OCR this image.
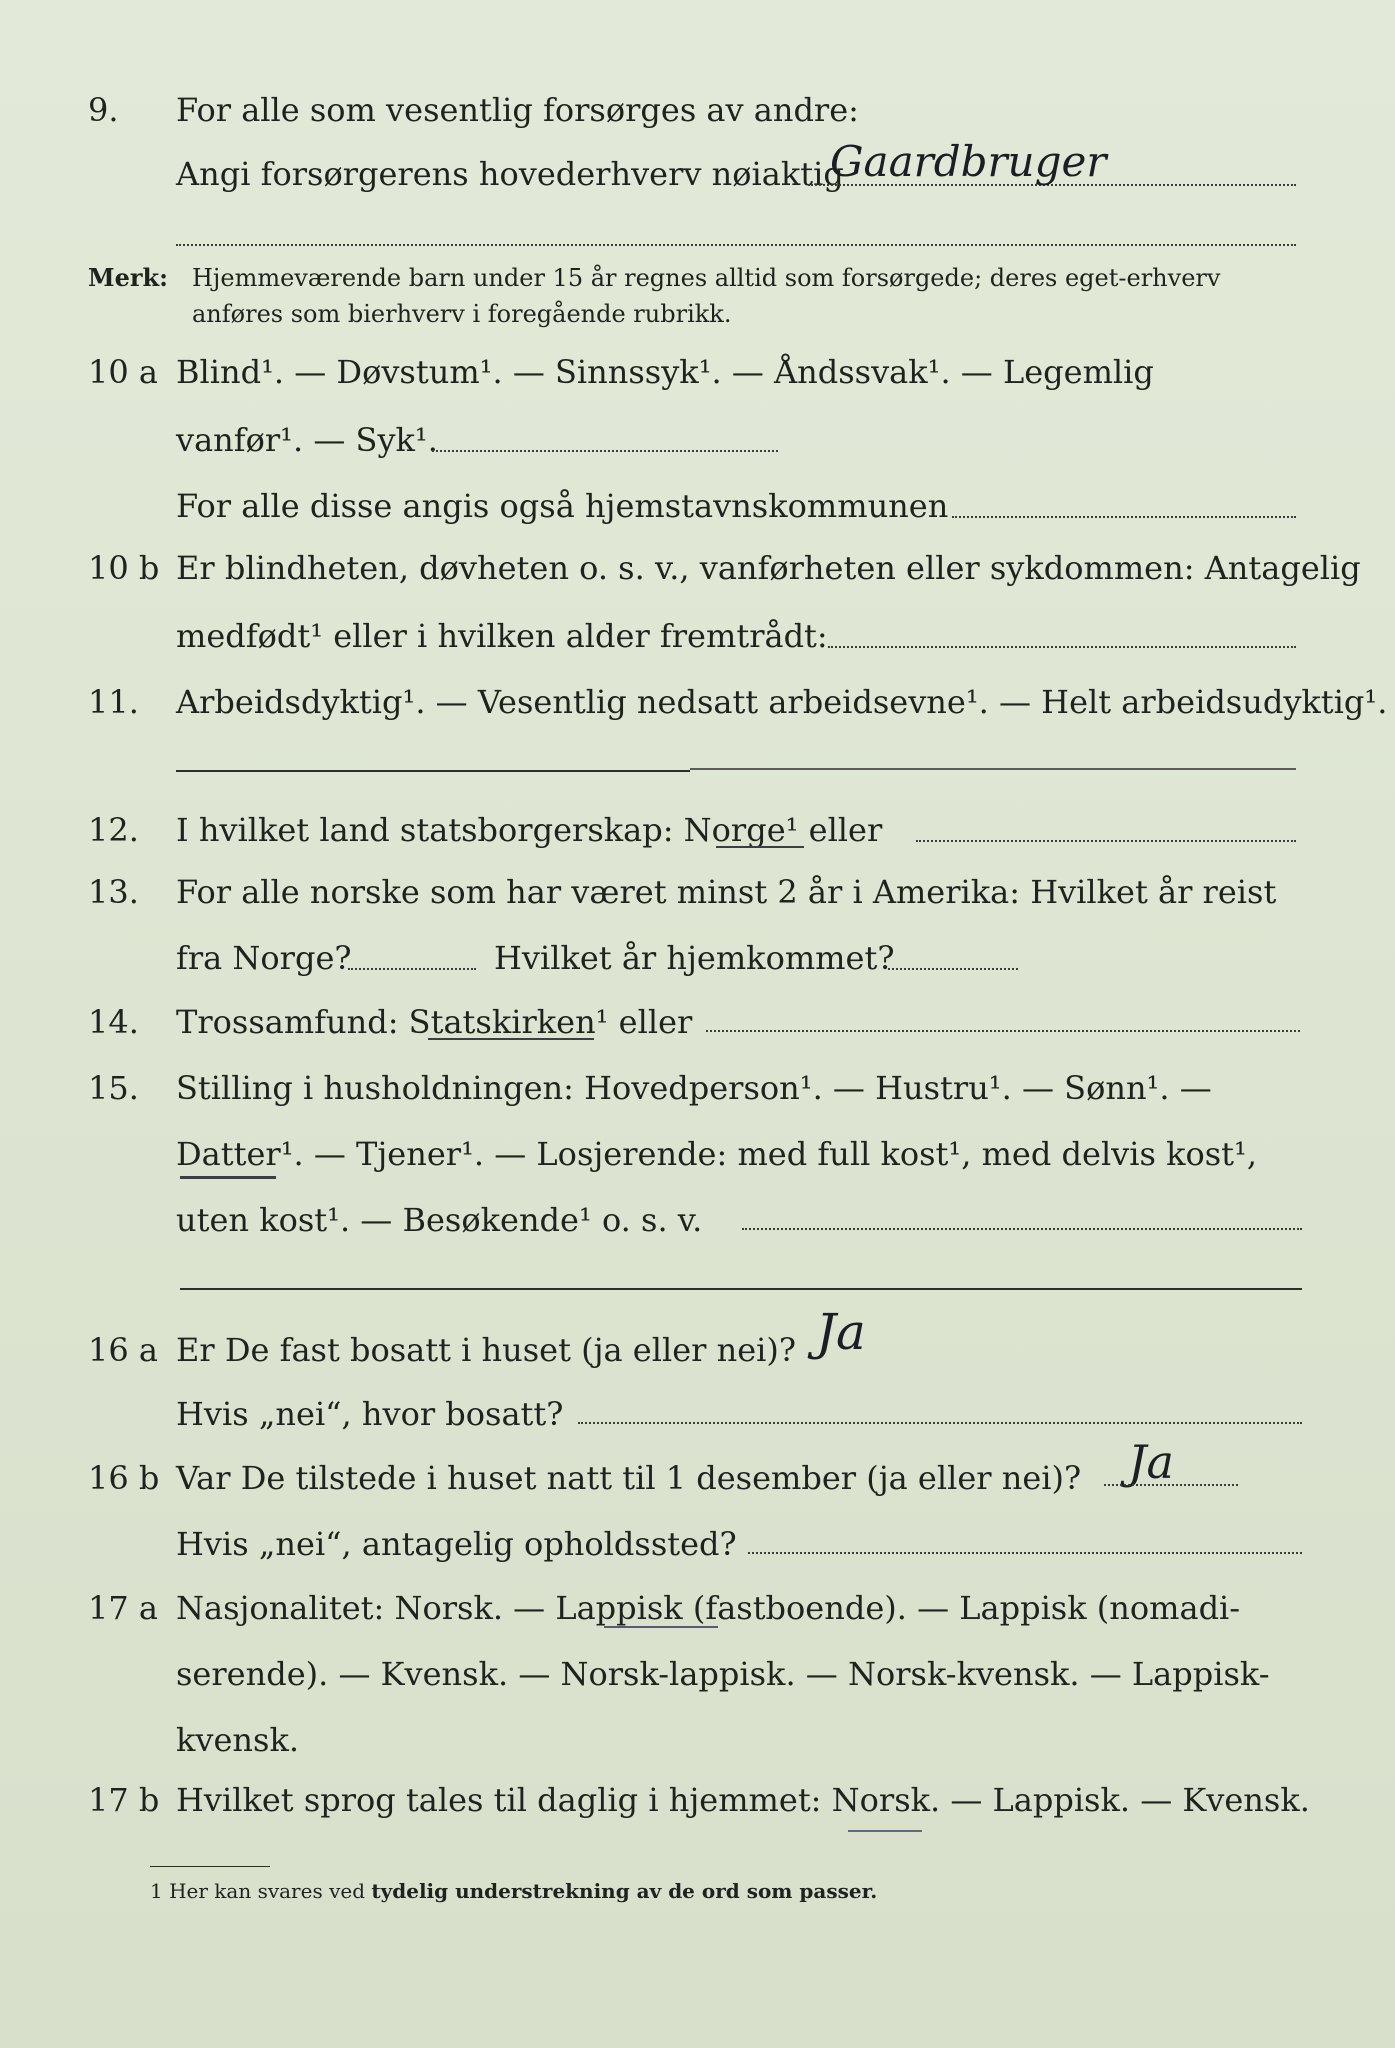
9. For alle som vesentlig forsørges av andre:
Angi forsørgerens hovederhverv nøiaktig
Gaardbruger
Merk: Hjemmeværende barn under 15 år regnes alltid som forsørgede; deres eget-erhverv
anføres som bierhverv i foregående rubrikk.
10 a Blind¹. — Døvstum¹. — Sinnssyk¹. — Åndssvak¹. — Legemlig
vanfør¹. — Syk¹.
For alle disse angis også hjemstavnskommunen
10 b Er blindheten, døvheten o. s. v., vanførheten eller sykdommen: Antagelig
medfødt¹ eller i hvilken alder fremtrådt:
11. Arbeidsdyktig¹. — Vesentlig nedsatt arbeidsevne¹. — Helt arbeidsudyktig¹.
12. I hvilket land statsborgerskap: Norge¹ eller
13. For alle norske som har været minst 2 år i Amerika: Hvilket år reist
fra Norge?	Hvilket år hjemkommet?
14. Trossamfund: Statskirken¹ eller
15. Stilling i husholdningen: Hovedperson¹. — Hustru¹. — Sønn¹. —
Datter¹. — Tjener¹. — Losjerende: med full kost¹, med delvis kost¹,
uten kost¹. — Besøkende¹ o. s. v.
16 a Er De fast bosatt i huset (ja eller nei)? Ja
Hvis „nei“, hvor bosatt?
16 b Var De tilstede i huset natt til 1 desember (ja eller nei)? Ja
Hvis „nei“, antagelig opholdssted?
17 a Nasjonalitet: Norsk. — Lappisk (fastboende). — Lappisk (nomadi-
serende). — Kvensk. — Norsk-lappisk. — Norsk-kvensk. — Lappisk-
kvensk.
17 b Hvilket sprog tales til daglig i hjemmet: Norsk. — Lappisk. — Kvensk.
1 Her kan svares ved tydelig understrekning av de ord som passer.
